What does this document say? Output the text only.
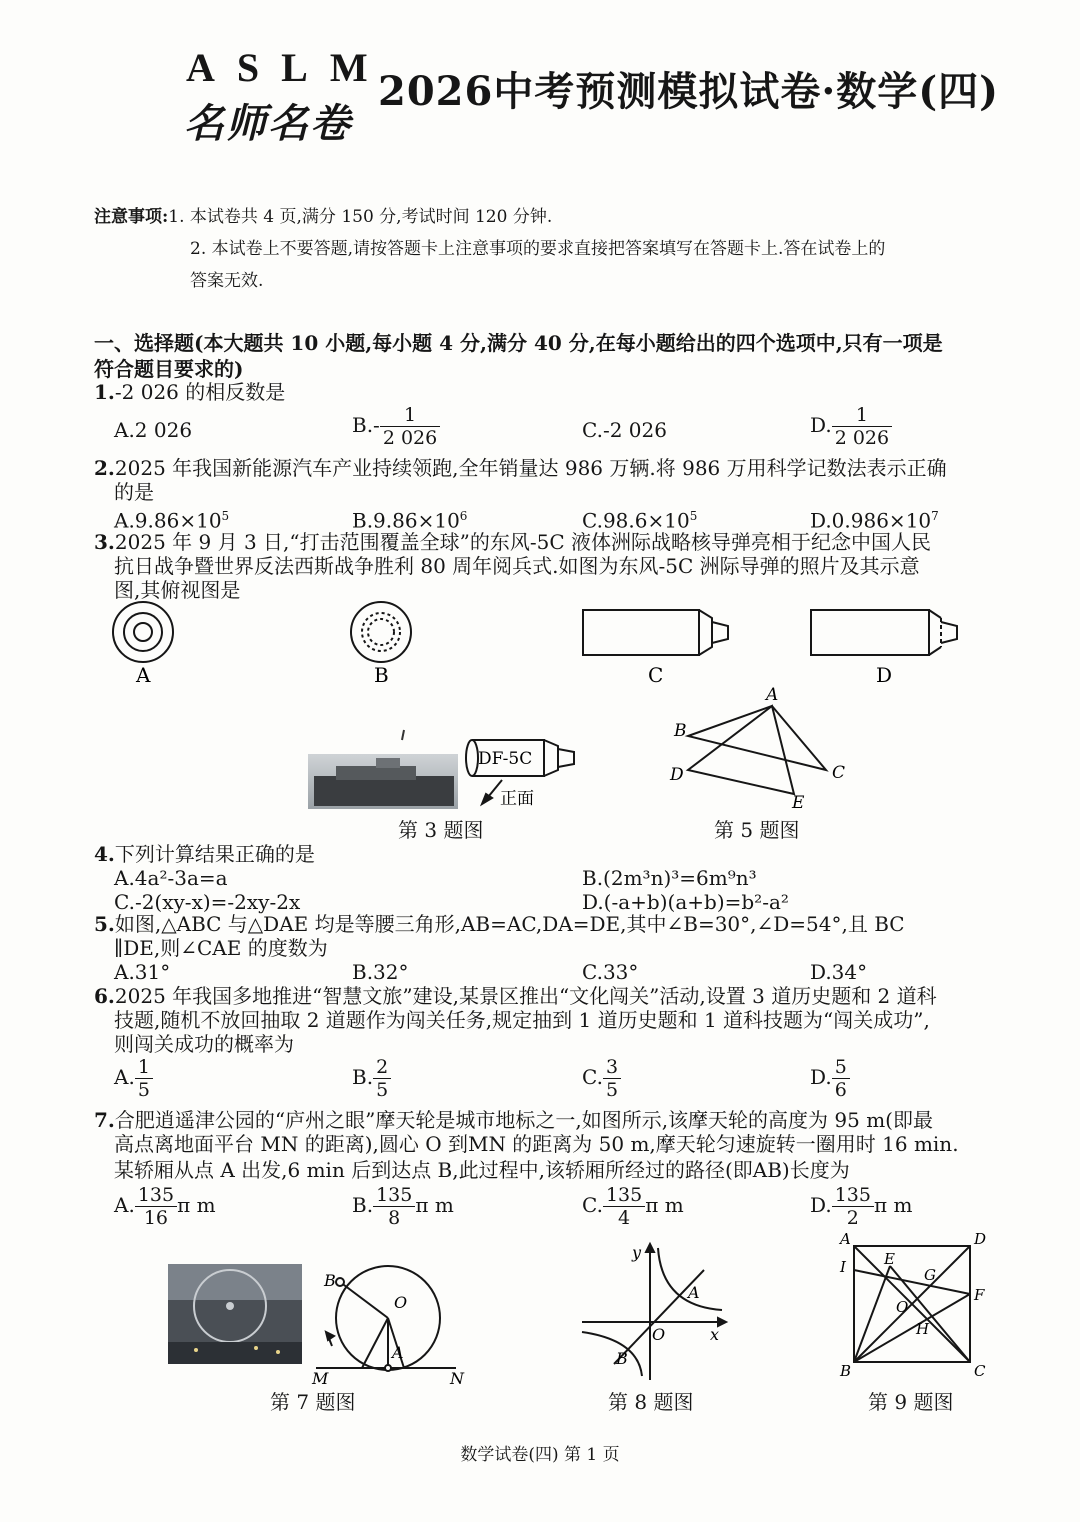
ASLM
名师名卷
2026中考预测模拟试卷·数学(四)
注意事项:1. 本试卷共 4 页,满分 150 分,考试时间 120 分钟.
2. 本试卷上不要答题,请按答题卡上注意事项的要求直接把答案填写在答题卡上.答在试卷上的
答案无效.
一、选择题(本大题共 10 小题,每小题 4 分,满分 40 分,在每小题给出的四个选项中,只有一项是
符合题目要求的)
1.-2 026 的相反数是
A.2 026	$B.- \frac{1}{2 026}$	C.-2 026	D. $\frac{1}{2 026}$
2.2025 年我国新能源汽车产业持续领跑,全年销量达 986 万辆.将 986 万用科学记数法表示正确
的是
$A.9.86\times 10^5$	$B.9.86\times 10^6$	$C.98.6\times 10^5$	$D.0.986\times 10^7$
3.2025 年 9 月 3 日,“打击范围覆盖全球”的东风-5C 液体洲际战略核导弹亮相于纪念中国人民
抗日战争暨世界反法西斯战争胜利 80 周年阅兵式.如图为东风-5C 洲际导弹的照片及其示意
图,其俯视图是
A	B	C	D
DF-5C
正面
第 3 题图
A
B
C
D
E
第 5 题图
4.下列计算结果正确的是
A.4a²-3a=a	B.(2m³n)³=6m⁹n³
C.-2(xy-x)=-2xy-2x	D.(-a+b)(a+b)=b²-a²
5.如图,△ABC 与△DAE 均是等腰三角形,AB=AC,DA=DE,其中∠B=30°,∠D=54°,且 BC
∥DE,则∠CAE 的度数为
A.31°	B.32°	C.33°	D.34°
6.2025 年我国多地推进“智慧文旅”建设,某景区推出“文化闯关”活动,设置 3 道历史题和 2 道科
技题,随机不放回抽取 2 道题作为闯关任务,规定抽到 1 道历史题和 1 道科技题为“闯关成功”,
则闯关成功的概率为
A. $\frac{1}{5}$	B. $\frac{2}{5}$	C. $\frac{3}{5}$	D. $\frac{5}{6}$
7.合肥逍遥津公园的“庐州之眼”摩天轮是城市地标之一,如图所示,该摩天轮的高度为 95 m(即最
高点离地面平台 MN 的距离),圆心 O 到MN 的距离为 50 m,摩天轮匀速旋转一圈用时 16 min.
某轿厢从点 A 出发,6 min 后到达点 B,此过程中,该轿厢所经过的路径(即AB)长度为
A. $\frac{135}{16}$ π m	B. $\frac{135}{8}$ π m	C. $\frac{135}{4}$ π m	D. $\frac{135}{2}$ π m
B
O
A
M	N
第 7 题图
y
x
O
A
B
第 8 题图
A	D
I	E
G
F
O
H
B	C
第 9 题图
数学试卷(四) 第 1 页
